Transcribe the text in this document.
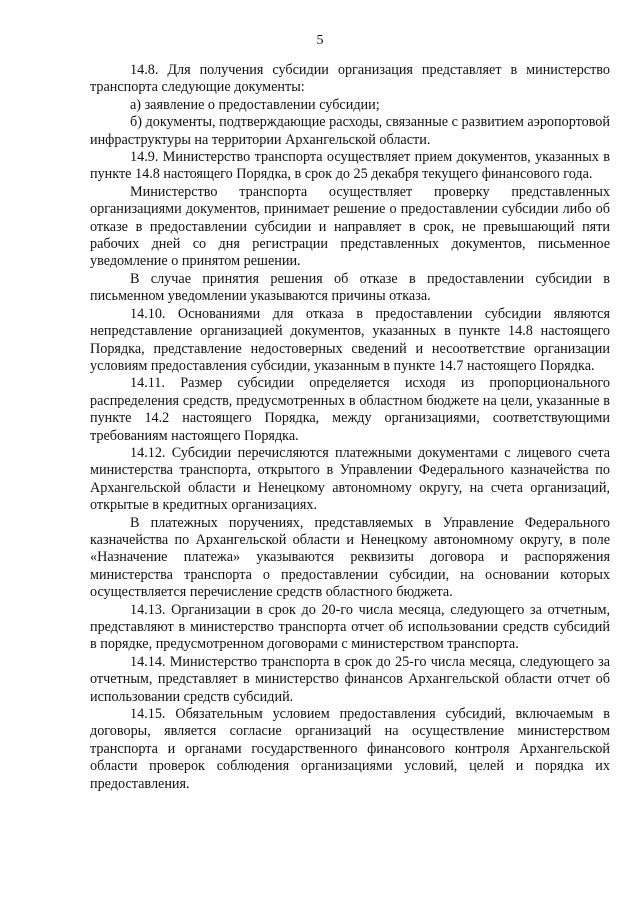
5

14.8. Для получения субсидии организация представляет в министерство транспорта следующие документы:

а) заявление о предоставлении субсидии;

б) документы, подтверждающие расходы, связанные с развитием аэропортовой инфраструктуры на территории Архангельской области.

14.9. Министерство транспорта осуществляет прием документов, указанных в пункте 14.8 настоящего Порядка, в срок до 25 декабря текущего финансового года.

Министерство транспорта осуществляет проверку представленных организациями документов, принимает решение о предоставлении субсидии либо об отказе в предоставлении субсидии и направляет в срок, не превышающий пяти рабочих дней со дня регистрации представленных документов, письменное уведомление о принятом решении.

В случае принятия решения об отказе в предоставлении субсидии в письменном уведомлении указываются причины отказа.

14.10. Основаниями для отказа в предоставлении субсидии являются непредставление организацией документов, указанных в пункте 14.8 настоящего Порядка, представление недостоверных сведений и несоответствие организации условиям предоставления субсидии, указанным в пункте 14.7 настоящего Порядка.

14.11. Размер субсидии определяется исходя из пропорционального распределения средств, предусмотренных в областном бюджете на цели, указанные в пункте 14.2 настоящего Порядка, между организациями, соответствующими требованиям настоящего Порядка.

14.12. Субсидии перечисляются платежными документами с лицевого счета министерства транспорта, открытого в Управлении Федерального казначейства по Архангельской области и Ненецкому автономному округу, на счета организаций, открытые в кредитных организациях.

В платежных поручениях, представляемых в Управление Федерального казначейства по Архангельской области и Ненецкому автономному округу, в поле «Назначение платежа» указываются реквизиты договора и распоряжения министерства транспорта о предоставлении субсидии, на основании которых осуществляется перечисление средств областного бюджета.

14.13. Организации в срок до 20-го числа месяца, следующего за отчетным, представляют в министерство транспорта отчет об использовании средств субсидий в порядке, предусмотренном договорами с министерством транспорта.

14.14. Министерство транспорта в срок до 25-го числа месяца, следующего за отчетным, представляет в министерство финансов Архангельской области отчет об использовании средств субсидий.

14.15. Обязательным условием предоставления субсидий, включаемым в договоры, является согласие организаций на осуществление министерством транспорта и органами государственного финансового контроля Архангельской области проверок соблюдения организациями условий, целей и порядка их предоставления.
